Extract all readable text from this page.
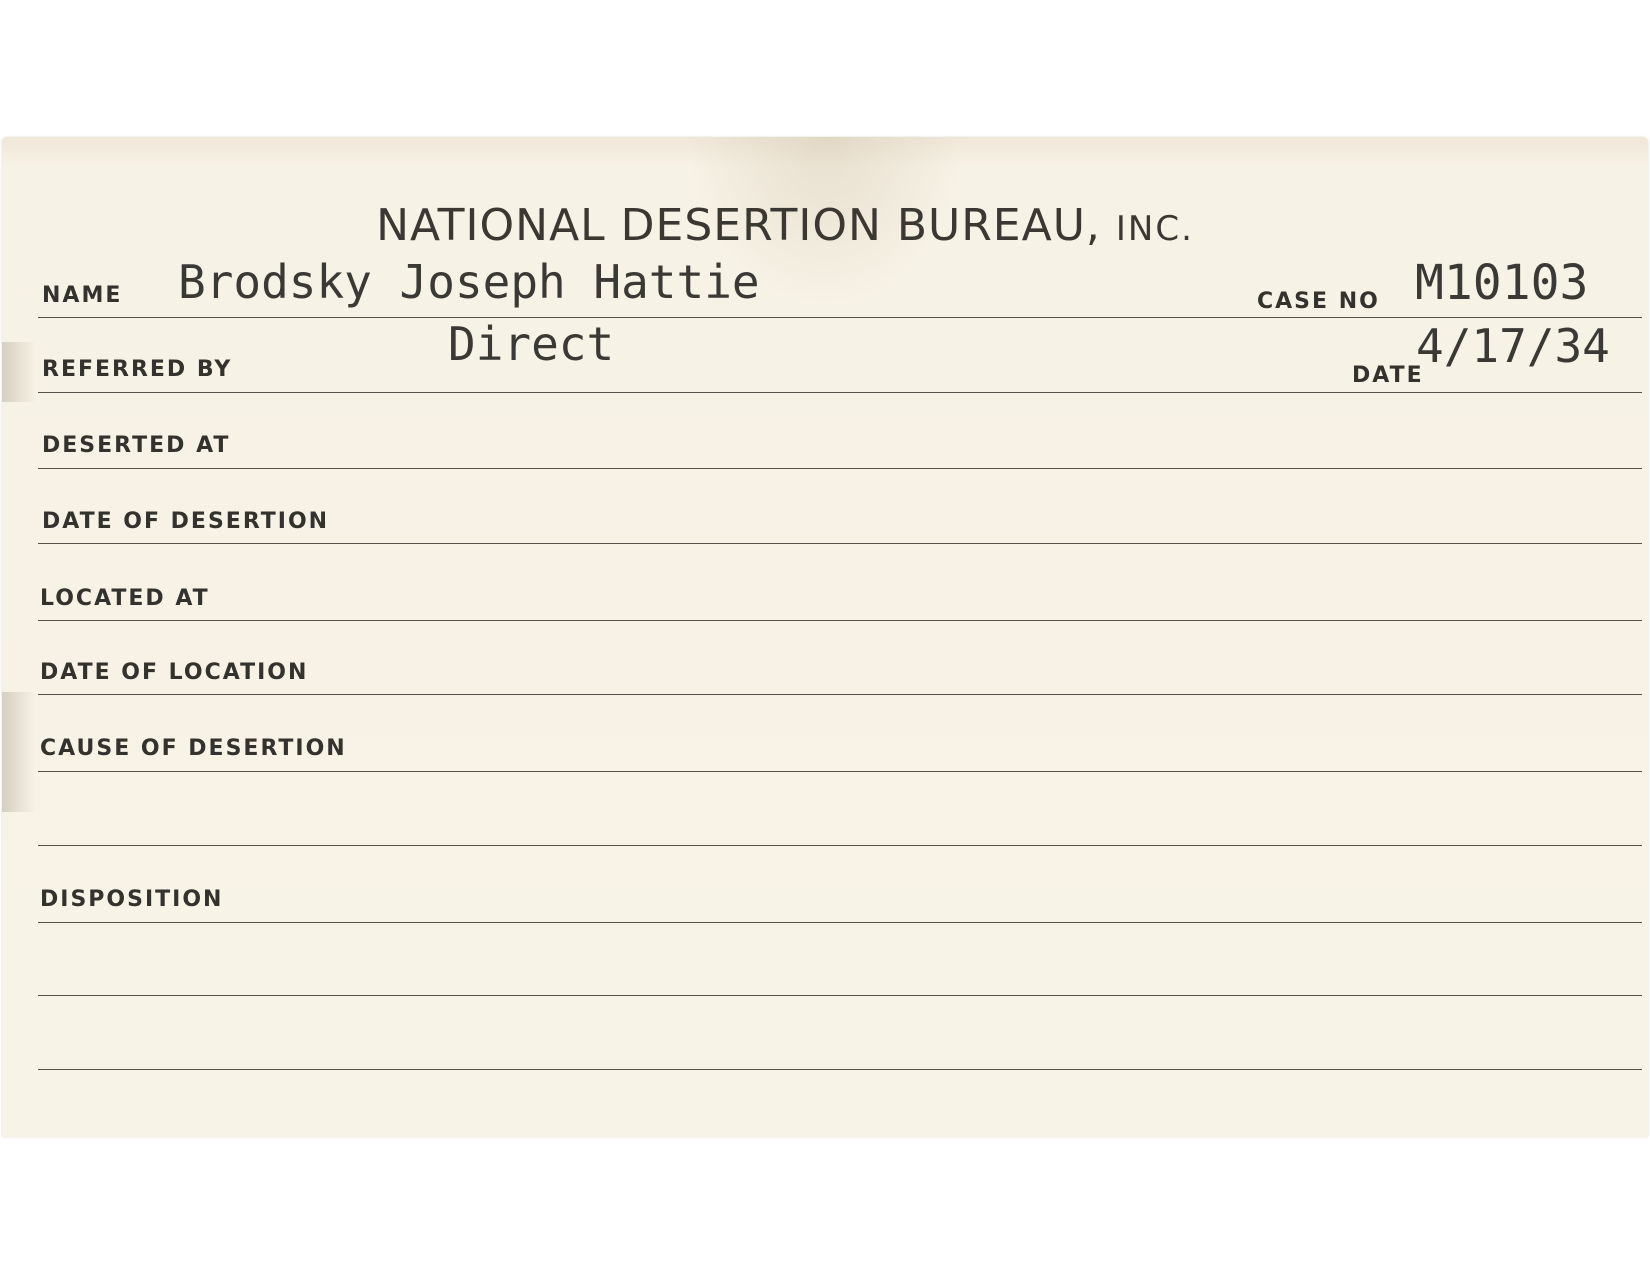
NATIONAL DESERTION BUREAU, INC.
NAME Brodsky Joseph Hattie	CASE NO M10103
Direct
REFERRED BY	DATE
4/17/34
DESERTED AT
DATE OF DESERTION
LOCATED AT
DATE OF LOCATION
CAUSE OF DESERTION
DISPOSITION
